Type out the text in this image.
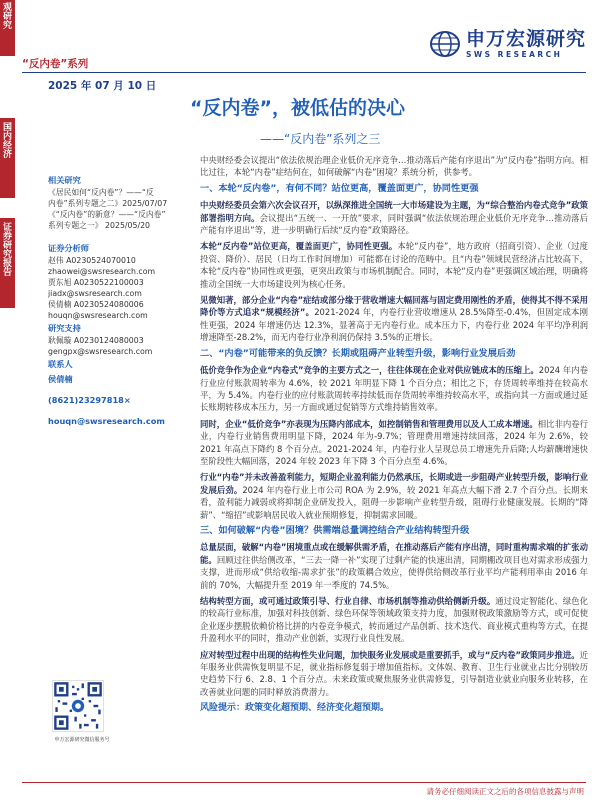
观
研
究
国
内
经
济
证
券
研
究
报
告
“反内卷”系列
申万宏源研究
SWS RESEARCH
2025 年 07 月 10 日
“反内卷”，被低估的决心
——“反内卷”系列之三
相关研究
《居民如何“反内卷”？——“反
内卷”系列专题之二》2025/07/07
《“反内卷”的新意？——“反内卷”
系列专题之一》 2025/05/20
证券分析师
赵伟 A0230524070010
zhaowei@swsresearch.com
贾东旭 A0230522100003
jiadx@swsresearch.com
侯倩楠 A0230524080006
houqn@swsresearch.com
研究支持
耿佩璇 A0230124080003
gengpx@swsresearch.com
联系人
侯倩楠
(8621)23297818×
houqn@swsresearch.com
申万宏源研究微信服务号

中央财经委会议提出“依法依规治理企业低价无序竞争…推动落后产能有序退出”为“反内卷”指明方向。相比过往，本轮“内卷”症结何在，如何破解“内卷”困境？系统分析，供参考。

一、本轮“反内卷”，有何不同？站位更高，覆盖面更广，协同性更强

中央财经委员会第六次会议召开，以纵深推进全国统一大市场建设为主题，为“综合整治内卷式竞争”政策部署指明方向。会议提出“五统一、一开放”要求，同时强调“依法依规治理企业低价无序竞争…推动落后产能有序退出”等，进一步明确行后续“反内卷”政策路径。

本轮“反内卷”站位更高，覆盖面更广，协同性更强。本轮“反内卷”，地方政府（招商引资）、企业（过度投资、降价）、居民（日均工作时间增加）可能都在讨论的范畴中。且“内卷”领域民营经济占比较高下，本轮“反内卷”协同性或更强，更突出政策与市场机制配合。同时，本轮“反内卷”更强调区域治理，明确将推动全国统一大市场建设列为核心任务。

见微知著，部分企业“内卷”症结或部分缘于营收增速大幅回落与固定费用刚性的矛盾，使得其不得不采用降价等方式追求“规模经济”。2021-2024 年，内卷行业营收增速从 28.5%降至-0.4%，但固定成本刚性更强，2024 年增速仍达 12.3%，显著高于无内卷行业。成本压力下，内卷行业 2024 年平均净利润增速降至-28.2%，而无内卷行业净利润仍保持 3.5%的正增长。

二、“内卷”可能带来的负反馈？长期或阻碍产业转型升级，影响行业发展后劲

低价竞争作为企业“内卷式”竞争的主要方式之一，往往体现在企业对供应链成本的压缩上。2024 年内卷行业应付账款周转率为 4.6%，较 2021 年明显下降 1 个百分点；相比之下，存货周转率维持在较高水平，为 5.4%。内卷行业的应付账款周转率持续低而存货周转率维持较高水平，或指向其一方面或通过延长账期转移成本压力，另一方面或通过促销等方式维持销售效率。

同时，企业“低价竞争”亦表现为压降内部成本，如控制销售和管理费用以及人工成本增速。相比非内卷行业，内卷行业销售费用明显下降，2024 年为-9.7%；管理费用增速持续回落，2024 年为 2.6%，较 2021 年高点下降约 8 个百分点。2021-2024 年，内卷行业人呈现总员工增速先升后降;人均薪酬增速快至阶段性大幅回落，2024 年较 2023 年下降 3 个百分点至 4.6%。

行业“内卷”并未改善盈利能力，短期企业盈利能力仍然承压，长期或进一步阻碍产业转型升级，影响行业发展后劲。2024 年内卷行业上市公司 ROA 为 2.9%，较 2021 年高点大幅下滑 2.7 个百分点。长期来看，盈利能力减弱或将抑制企业研发投入，阻碍一步影响产业转型升级，阻碍行业健康发展。长期的“降薪”、“缩招”或影响居民收入就业预期修复，抑制需求回暖。

三、如何破解“内卷”困境？供需端总量调控结合产业结构转型升级

总量层面，破解“内卷”困境重点或在缓解供需矛盾，在推动落后产能有序出清，同时重构需求端的扩张动能。回顾过往供给侧改革，“三去一降一补”实现了过剩产能的快速出清，同期棚改项目也对需求形成强力支撑，进而形成“供给收缩-需求扩张”的政策耦合效应，使得供给侧改革行业平均产能利用率由 2016 年前的 70%，大幅提升至 2019 年一季度的 74.5%。

结构转型方面，或可通过政策引导、行业自律、市场机制等推动供给侧新升级。通过设定智能化、绿色化的较高行业标准，加强对科技创新、绿色环保等领域政策支持力度，加强财税政策激励等方式，或可促使企业逐步摆脱依赖价格比拼的内卷竞争模式，转而通过产品创新、技术迭代、商业模式重构等方式，在提升盈利水平的同时，推动产业创新，实现行业良性发展。

应对转型过程中出现的结构性失业问题，加快服务业发展或是重要抓手，或与“反内卷”政策同步推进。近年服务业供需恢复明显不足，就业指标修复弱于增加值指标。文体娱、教育、卫生行业就业占比分别较历史趋势下行 6、2.8、1 个百分点。未来政策或聚焦服务业供需修复，引导制造业就业向服务业转移，在改善就业问题的同时释放消费潜力。

风险提示：政策变化超预期、经济变化超预期。
请务必仔细阅读正文之后的各项信息披露与声明
